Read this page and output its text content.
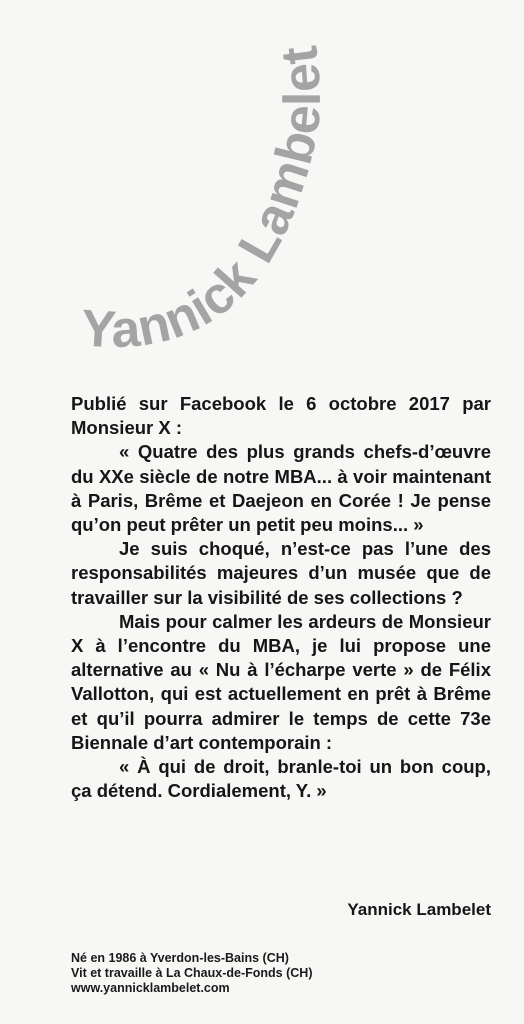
Yannick Lambelet

Publié sur Facebook le 6 octobre 2017 par Monsieur X :

« Quatre des plus grands chefs-d’œuvre du XXe siècle de notre MBA... à voir maintenant à Paris, Brême et Daejeon en Corée ! Je pense qu’on peut prêter un petit peu moins... »

Je suis choqué, n’est-ce pas l’une des responsabilités majeures d’un musée que de travailler sur la visibilité de ses collections ?

Mais pour calmer les ardeurs de Monsieur X à l’encontre du MBA, je lui propose une alternative au « Nu à l’écharpe verte » de Félix Vallotton, qui est actuellement en prêt à Brême et qu’il pourra admirer le temps de cette 73e Biennale d’art contemporain :

« À qui de droit, branle-toi un bon coup, ça détend. Cordialement, Y. »

Yannick Lambelet
Né en 1986 à Yverdon-les-Bains (CH)
Vit et travaille à La Chaux-de-Fonds (CH)
www.yannicklambelet.com
